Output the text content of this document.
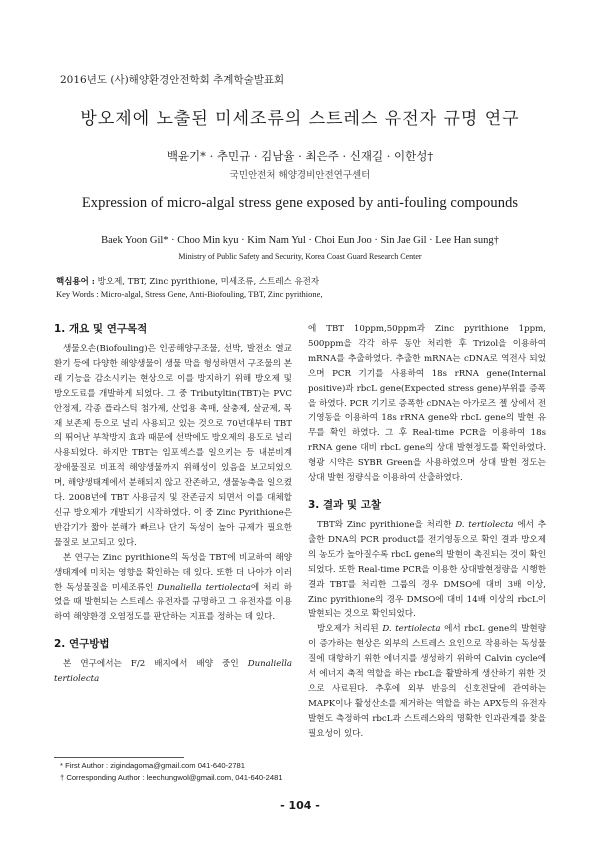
2016년도 (사)해양환경안전학회 추계학술발표회
방오제에 노출된 미세조류의 스트레스 유전자 규명 연구
백윤기* · 추민규 · 김남율 · 최은주 · 신재길 · 이한성†
국민안전처 해양경비안전연구센터
Expression of micro-algal stress gene exposed by anti-fouling compounds
Baek Yoon Gil* · Choo Min kyu · Kim Nam Yul · Choi Eun Joo · Sin Jae Gil · Lee Han sung†
Ministry of Public Safety and Security, Korea Coast Guard Research Center
핵심용어 : 방오제, TBT, Zinc pyrithione, 미세조류, 스트레스 유전자
Key Words : Micro-algal, Stress Gene, Anti-Biofouling, TBT, Zinc pyrithione,
1. 개요 및 연구목적

생물오손(Biofouling)은 인공해양구조물, 선박, 발전소 열교환기 등에 다양한 해양생물이 생물 막을 형성하면서 구조물의 본래 기능을 감소시키는 현상으로 이를 방지하기 위해 방오제 및 방오도료를 개발하게 되었다. 그 중 Tributyltin(TBT)는 PVC 안정제, 각종 플라스틱 첨가제, 산업용 촉매, 살충제, 살균제, 목재 보존제 등으로 널리 사용되고 있는 것으로 70년대부터 TBT의 뛰어난 부착방지 효과 때문에 선박에도 방오제의 용도로 널리 사용되었다. 하지만 TBT는 임포섹스를 일으키는 등 내분비계 장애물질로 비표적 해양생물까지 위해성이 있음을 보고되었으며, 해양생태계에서 분해되지 않고 잔존하고, 생물농축을 일으켰다. 2008년에 TBT 사용금지 및 잔존금지 되면서 이를 대체할 신규 방오제가 개발되기 시작하였다. 이 중 Zinc Pyrithione은 반감기가 짧아 분해가 빠르나 단기 독성이 높아 규제가 필요한 물질로 보고되고 있다.

본 연구는 Zinc pyrithione의 독성을 TBT에 비교하여 해양생태계에 미치는 영향을 확인하는 데 있다. 또한 더 나아가 이러한 독성물질을 미세조류인 Dunaliella tertiolecta에 처리 하였을 때 발현되는 스트레스 유전자를 규명하고 그 유전자를 이용하여 해양환경 오염정도를 판단하는 지표를 정하는 데 있다.

2. 연구방법

본 연구에서는 F/2 배지에서 배양 중인 Dunaliella tertiolecta

에 TBT 10ppm,50ppm과 Zinc pyrithione 1ppm, 500ppm을 각각 하루 동안 처리한 후 Trizol을 이용하여 mRNA를 추출하였다. 추출한 mRNA는 cDNA로 역전사 되었으며 PCR 기기를 사용하여 18s rRNA gene(Internal positive)과 rbcL gene(Expected stress gene)부위를 증폭을 하였다. PCR 기기로 증폭한 cDNA는 아가로즈 젤 상에서 전기영동을 이용하여 18s rRNA gene와 rbcL gene의 발현 유무를 확인 하였다. 그 후 Real-time PCR을 이용하여 18s rRNA gene 대비 rbcL gene의 상대 발현정도를 확인하였다. 형광 시약은 SYBR Green을 사용하였으며 상대 발현 정도는 상대 발현 정량식을 이용하여 산출하였다.

3. 결과 및 고찰

TBT와 Zinc pyrithione을 처리한 D. tertiolecta 에서 추출한 DNA의 PCR product를 전기영동으로 확인 결과 방오제의 농도가 높아질수록 rbcL gene의 발현이 촉진되는 것이 확인 되었다. 또한 Real-time PCR을 이용한 상대발현정량을 시행한 결과 TBT를 처리한 그룹의 경우 DMSO에 대비 3배 이상, Zinc pyrithione의 경우 DMSO에 대비 14배 이상의 rbcL이 발현되는 것으로 확인되었다.

방오제가 처리된 D. tertiolecta 에서 rbcL gene의 발현량이 증가하는 현상은 외부의 스트레스 요인으로 작용하는 독성물질에 대항하기 위한 에너지를 생성하기 위하여 Calvin cycle에서 에너지 축적 역할을 하는 rbcL을 활발하게 생산하기 위한 것으로 사료된다. 추후에 외부 반응의 신호전달에 관여하는 MAPK이나 활성산소를 제거하는 역할을 하는 APX등의 유전자 발현도 측정하여 rbcL과 스트레스와의 명확한 인과관계를 찾을 필요성이 있다.

* First Author : zigindagoma@gmail.com 041-640-2781
† Corresponding Author : leechungwol@gmail.com, 041-640-2481
- 104 -
